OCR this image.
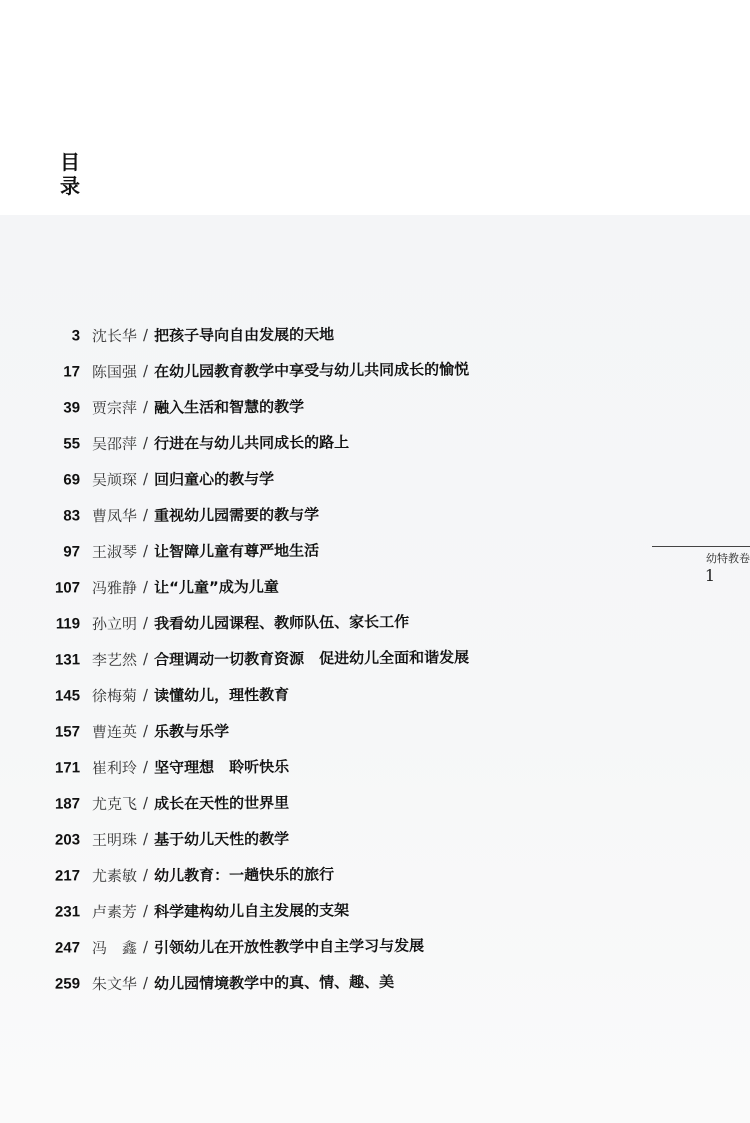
目
录
幼特教卷
1
3 沈长华 / 把孩子导向自由发展的天地
17 陈国强 / 在幼儿园教育教学中享受与幼儿共同成长的愉悦
39 贾宗萍 / 融入生活和智慧的教学
55 吴邵萍 / 行进在与幼儿共同成长的路上
69 吴颃琛 / 回归童心的教与学
83 曹凤华 / 重视幼儿园需要的教与学
97 王淑琴 / 让智障儿童有尊严地生活
107 冯雅静 / 让“儿童”成为儿童
119 孙立明 / 我看幼儿园课程、教师队伍、家长工作
131 李艺然 / 合理调动一切教育资源　促进幼儿全面和谐发展
145 徐梅菊 / 读懂幼儿，理性教育
157 曹连英 / 乐教与乐学
171 崔利玲 / 坚守理想　聆听快乐
187 尤克飞 / 成长在天性的世界里
203 王明珠 / 基于幼儿天性的教学
217 尤素敏 / 幼儿教育：一趟快乐的旅行
231 卢素芳 / 科学建构幼儿自主发展的支架
247 冯　鑫 / 引领幼儿在开放性教学中自主学习与发展
259 朱文华 / 幼儿园情境教学中的真、情、趣、美
